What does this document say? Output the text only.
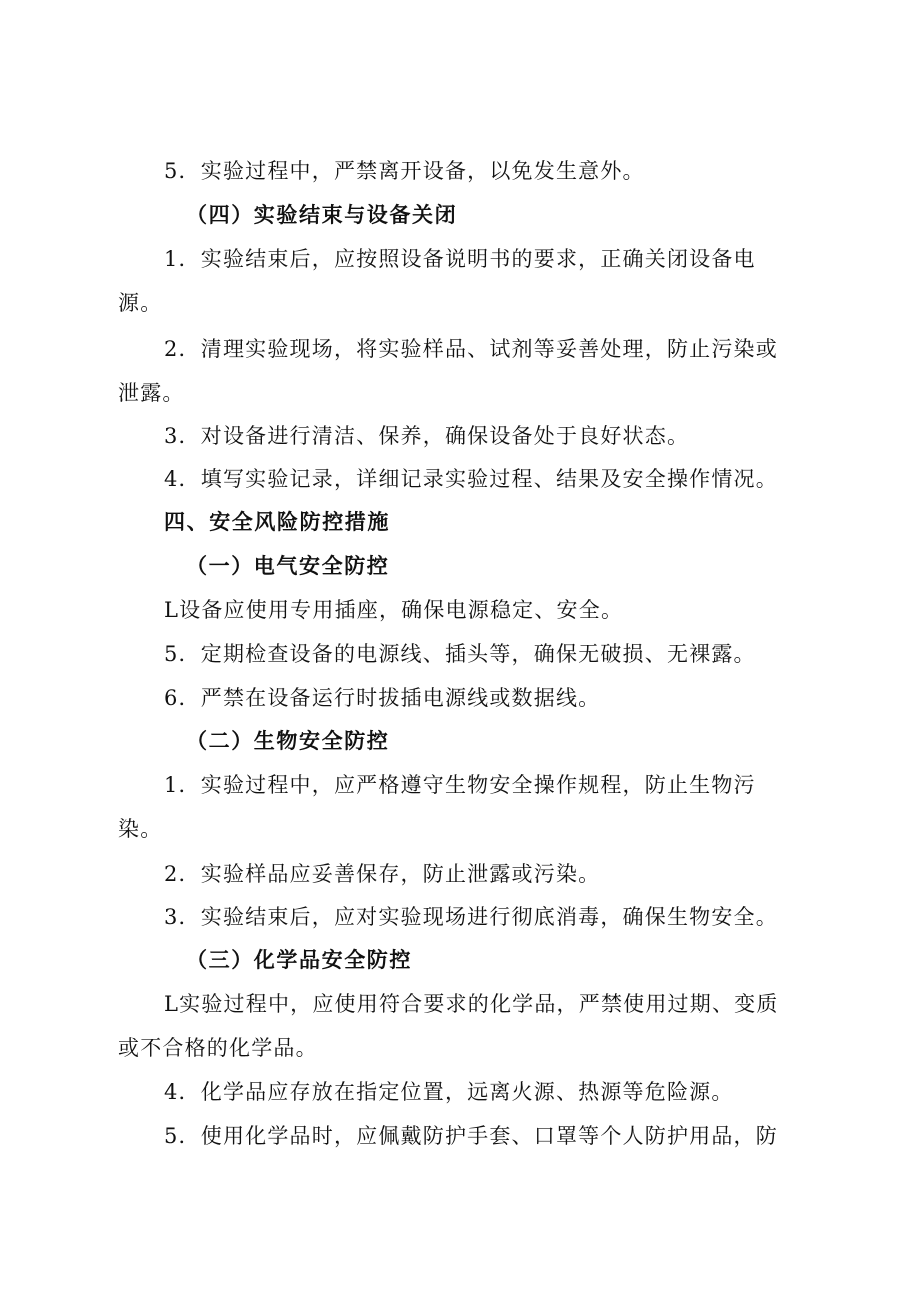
5．实验过程中，严禁离开设备，以免发生意外。
（四）实验结束与设备关闭
1．实验结束后，应按照设备说明书的要求，正确关闭设备电
源。
2．清理实验现场，将实验样品、试剂等妥善处理，防止污染或
泄露。
3．对设备进行清洁、保养，确保设备处于良好状态。
4．填写实验记录，详细记录实验过程、结果及安全操作情况。
四、安全风险防控措施
（一）电气安全防控
L设备应使用专用插座，确保电源稳定、安全。
5．定期检查设备的电源线、插头等，确保无破损、无裸露。
6．严禁在设备运行时拔插电源线或数据线。
（二）生物安全防控
1．实验过程中，应严格遵守生物安全操作规程，防止生物污
染。
2．实验样品应妥善保存，防止泄露或污染。
3．实验结束后，应对实验现场进行彻底消毒，确保生物安全。
（三）化学品安全防控
L实验过程中，应使用符合要求的化学品，严禁使用过期、变质
或不合格的化学品。
4．化学品应存放在指定位置，远离火源、热源等危险源。
5．使用化学品时，应佩戴防护手套、口罩等个人防护用品，防
